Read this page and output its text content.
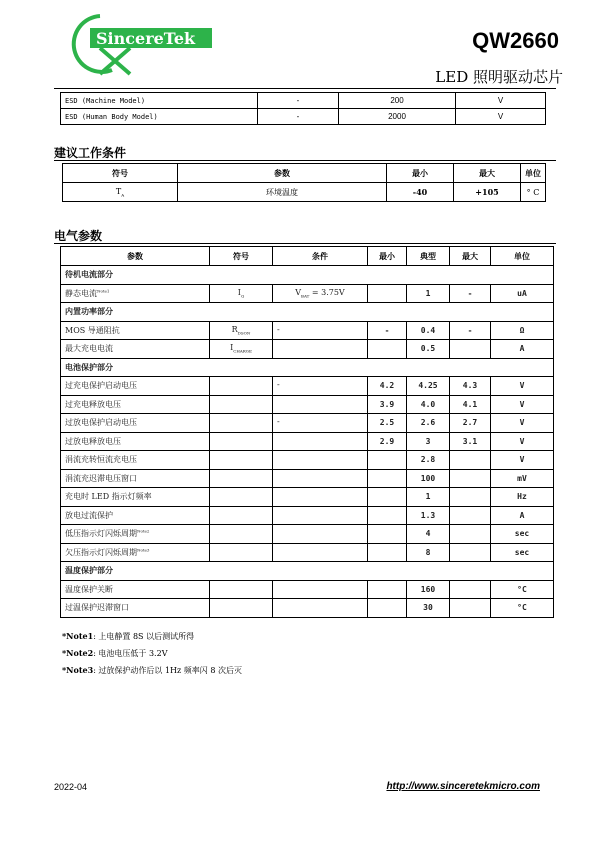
SincereTek	QW2660
LED 照明驱动芯片
ESD (Machine Model)	-	200	V
ESD (Human Body Model)	-	2000	V
建议工作条件
符号	参数	最小	最大	单位
$T_A$	环境温度	-40	+105	° C
电气参数
参数	符号	条件	最小	典型	最大	单位
待机电流部分						
静态电流$^{Note1}$	$I_Q$	$V_{BAT} = 3.75V$		1	-	uA
内置功率部分						
MOS 导通阻抗	$R_{DSON}$	-	-	0.4	-	Ω
最大充电电流	$I_{CHARGE}$			0.5		A
电池保护部分						
过充电保护启动电压		-	4.2	4.25	4.3	V
过充电释放电压			3.9	4.0	4.1	V
过放电保护启动电压		-	2.5	2.6	2.7	V
过放电释放电压			2.9	3	3.1	V
涓流充转恒流充电压				2.8		V
涓流充迟滞电压窗口				100		mV
充电时 LED 指示灯频率				1		Hz
放电过流保护				1.3		A
低压指示灯闪烁周期$^{Note2}$				4		sec
欠压指示灯闪烁周期$^{Note3}$				8		sec
温度保护部分						
温度保护关断				160		°C
过温保护迟滞窗口				30		°C
*Note1: 上电静置 8S 以后测试所得
*Note2: 电池电压低于 3.2V
*Note3: 过放保护动作后以 1Hz 频率闪 8 次后灭
2022-04	http://www.sinceretekmicro.com
